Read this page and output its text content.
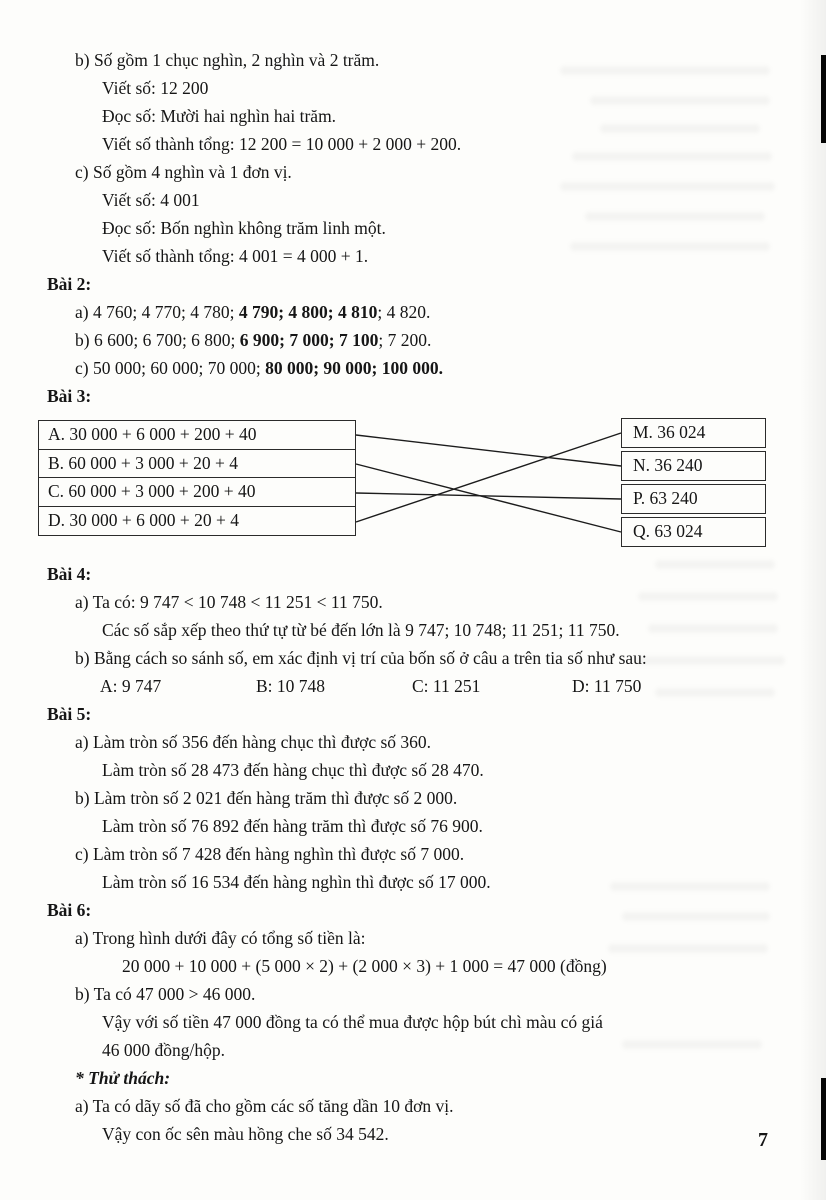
b) Số gồm 1 chục nghìn, 2 nghìn và 2 trăm.

Viết số: 12 200

Đọc số: Mười hai nghìn hai trăm.

Viết số thành tổng: 12 200 = 10 000 + 2 000 + 200.

c) Số gồm 4 nghìn và 1 đơn vị.

Viết số: 4 001

Đọc số: Bốn nghìn không trăm linh một.

Viết số thành tổng: 4 001 = 4 000 + 1.

Bài 2:

a) 4 760; 4 770; 4 780; 4 790; 4 800; 4 810; 4 820.

b) 6 600; 6 700; 6 800; 6 900; 7 000; 7 100; 7 200.

c) 50 000; 60 000; 70 000; 80 000; 90 000; 100 000.

Bài 3:

A. 30 000 + 6 000 + 200 + 40
B. 60 000 + 3 000 + 20 + 4
C. 60 000 + 3 000 + 200 + 40
D. 30 000 + 6 000 + 20 + 4
M. 36 024
N. 36 240
P. 63 240
Q. 63 024

Bài 4:

a) Ta có: 9 747 < 10 748 < 11 251 < 11 750.

Các số sắp xếp theo thứ tự từ bé đến lớn là 9 747; 10 748; 11 251; 11 750.

b) Bằng cách so sánh số, em xác định vị trí của bốn số ở câu a trên tia số như sau:

A: 9 747	B: 10 748	C: 11 251	D: 11 750

Bài 5:

a) Làm tròn số 356 đến hàng chục thì được số 360.

Làm tròn số 28 473 đến hàng chục thì được số 28 470.

b) Làm tròn số 2 021 đến hàng trăm thì được số 2 000.

Làm tròn số 76 892 đến hàng trăm thì được số 76 900.

c) Làm tròn số 7 428 đến hàng nghìn thì được số 7 000.

Làm tròn số 16 534 đến hàng nghìn thì được số 17 000.

Bài 6:

a) Trong hình dưới đây có tổng số tiền là:

20 000 + 10 000 + (5 000 × 2) + (2 000 × 3) + 1 000 = 47 000 (đồng)

b) Ta có 47 000 > 46 000.

Vậy với số tiền 47 000 đồng ta có thể mua được hộp bút chì màu có giá

46 000 đồng/hộp.

* Thử thách:

a) Ta có dãy số đã cho gồm các số tăng dần 10 đơn vị.

Vậy con ốc sên màu hồng che số 34 542.	7
